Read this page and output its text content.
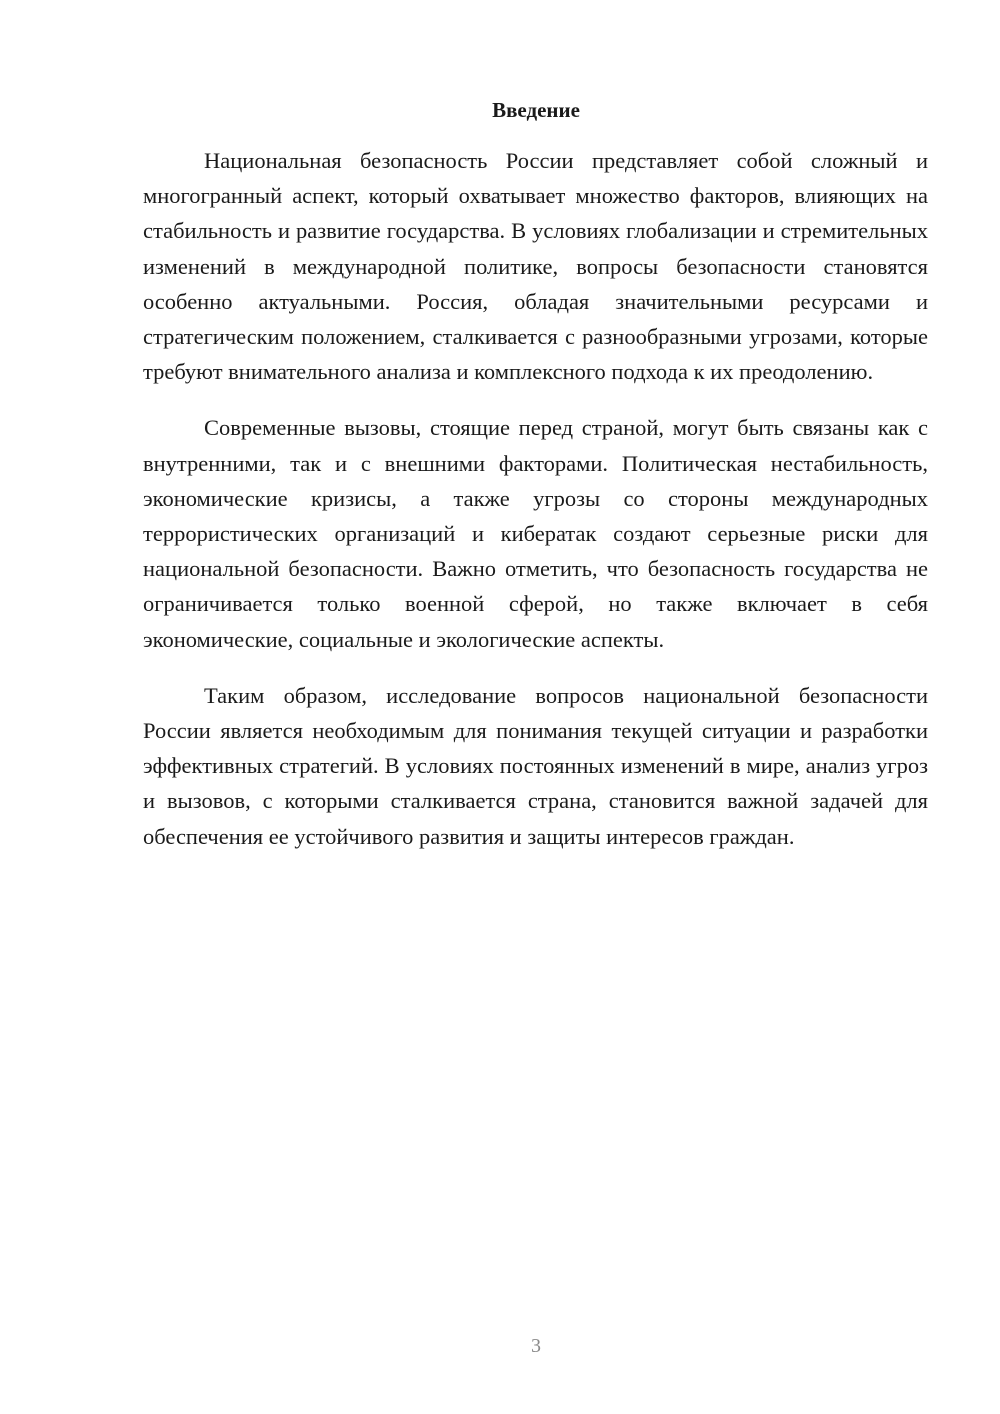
Введение

Национальная безопасность России представляет собой сложный и многогранный аспект, который охватывает множество факторов, влияющих на стабильность и развитие государства. В условиях глобализации и стремительных изменений в международной политике, вопросы безопасности становятся особенно актуальными. Россия, обладая значительными ресурсами и стратегическим положением, сталкивается с разнообразными угрозами, которые требуют внимательного анализа и комплексного подхода к их преодолению.

Современные вызовы, стоящие перед страной, могут быть связаны как с внутренними, так и с внешними факторами. Политическая нестабильность, экономические кризисы, а также угрозы со стороны международных террористических организаций и кибератак создают серьезные риски для национальной безопасности. Важно отметить, что безопасность государства не ограничивается только военной сферой, но также включает в себя экономические, социальные и экологические аспекты.

Таким образом, исследование вопросов национальной безопасности России является необходимым для понимания текущей ситуации и разработки эффективных стратегий. В условиях постоянных изменений в мире, анализ угроз и вызовов, с которыми сталкивается страна, становится важной задачей для обеспечения ее устойчивого развития и защиты интересов граждан.

3
